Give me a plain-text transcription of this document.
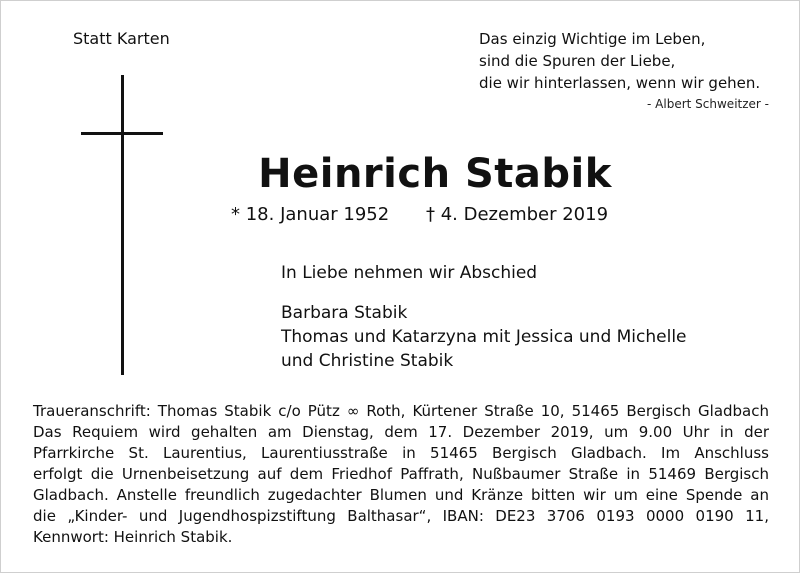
Statt Karten	Das einzig Wichtige im Leben,
sind die Spuren der Liebe,
die wir hinterlassen, wenn wir gehen.
- Albert Schweitzer -
Heinrich Stabik
* 18. Januar 1952 † 4. Dezember 2019
In Liebe nehmen wir Abschied
Barbara Stabik
Thomas und Katarzyna mit Jessica und Michelle
und Christine Stabik
Traueranschrift: Thomas Stabik c/o Pütz ∞ Roth, Kürtener Straße 10, 51465 Bergisch Gladbach
Das Requiem wird gehalten am Dienstag, dem 17. Dezember 2019, um 9.00 Uhr in der
Pfarrkirche St. Laurentius, Laurentiusstraße in 51465 Bergisch Gladbach. Im Anschluss
erfolgt die Urnenbeisetzung auf dem Friedhof Paffrath, Nußbaumer Straße in 51469 Bergisch
Gladbach. Anstelle freundlich zugedachter Blumen und Kränze bitten wir um eine Spende an
die „Kinder- und Jugendhospizstiftung Balthasar“, IBAN: DE23 3706 0193 0000 0190 11,
Kennwort: Heinrich Stabik.
